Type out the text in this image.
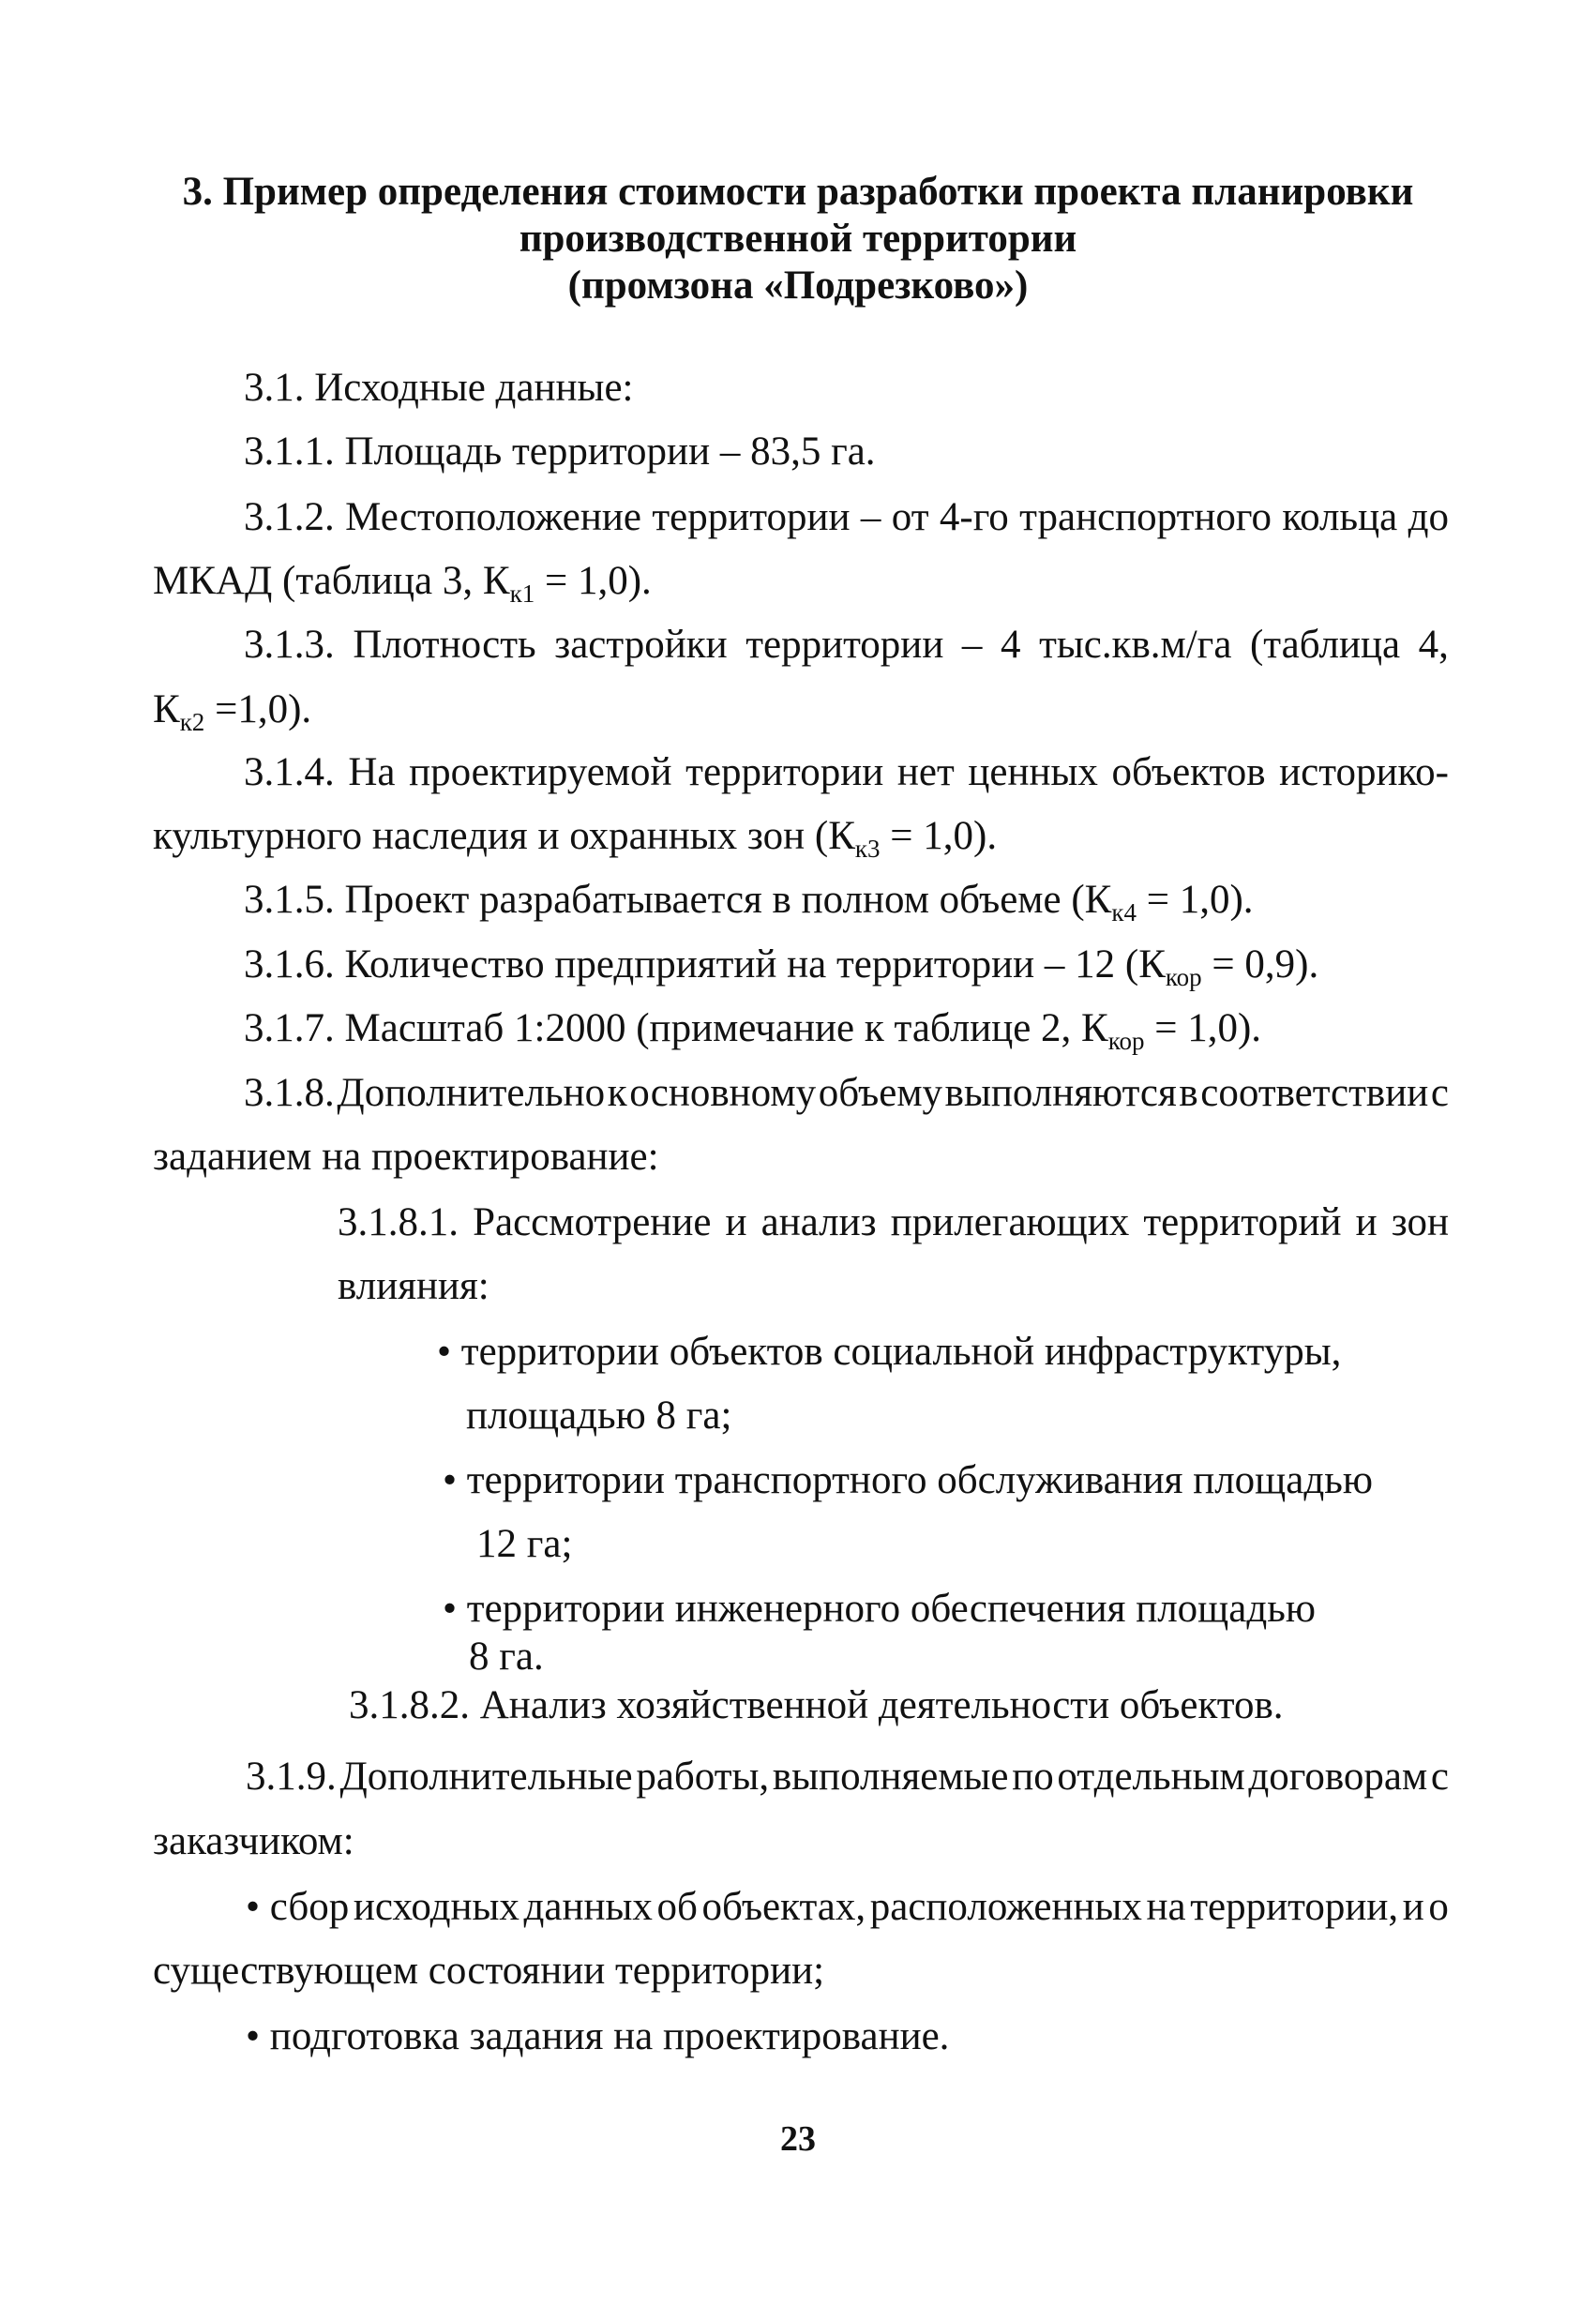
3. Пример определения стоимости разработки проекта планировки
производственной территории
(промзона «Подрезково»)
3.1. Исходные данные:
3.1.1. Площадь территории – 83,5 га.
3.1.2. Местоположение территории – от 4-го транспортного кольца до
МКАД (таблица 3, $К_{к1} = 1,0$).
3.1.3. Плотность застройки территории – 4 тыс.кв.м/га (таблица 4,
$К_{к2} =1,0$).
3.1.4. На проектируемой территории нет ценных объектов историко-
культурного наследия и охранных зон $(К_{к3} = 1,0)$.
3.1.5. Проект разрабатывается в полном объеме $(К_{к4} = 1,0)$.
3.1.6. Количество предприятий на территории – 12 $(К_{кор} = 0,9)$.
3.1.7. Масштаб 1:2000 (примечание к таблице 2, $К_{кор} = 1,0$).
3.1.8. Дополнительно к основному объему выполняются в соответствии с
заданием на проектирование:
3.1.8.1. Рассмотрение и анализ прилегающих территорий и зон
влияния:
• территории объектов социальной инфраструктуры,
площадью 8 га;
• территории транспортного обслуживания площадью
12 га;
• территории инженерного обеспечения площадью
8 га.
3.1.8.2. Анализ хозяйственной деятельности объектов.
3.1.9. Дополнительные работы, выполняемые по отдельным договорам с
заказчиком:
• сбор исходных данных об объектах, расположенных на территории, и о
существующем состоянии территории;
• подготовка задания на проектирование.
23
